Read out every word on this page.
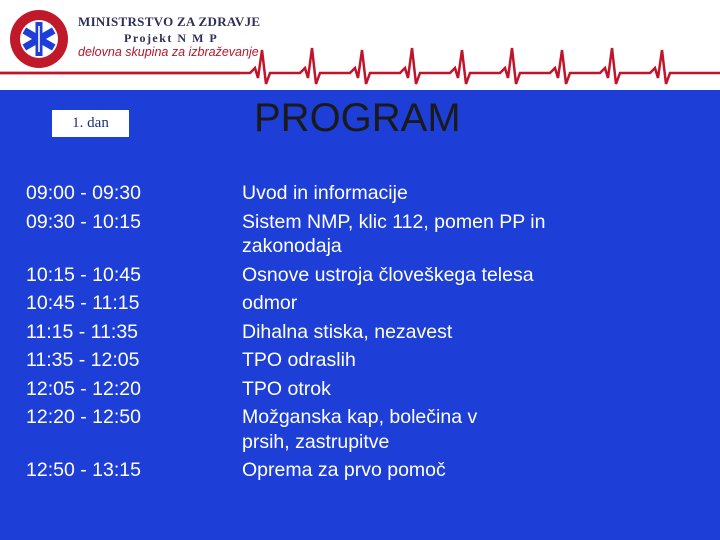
MINISTRSTVO ZA ZDRAVJE
Projekt N M P
delovna skupina za izbraževanje
1. dan	PROGRAM
09:00 - 09:30	Uvod in informacije
09:30 - 10:15	Sistem NMP, klic 112, pomen PP in
zakonodaja
10:15 - 10:45	Osnove ustroja človeškega telesa
10:45 - 11:15	odmor
11:15 - 11:35	Dihalna stiska, nezavest
11:35 - 12:05	TPO odraslih
12:05 - 12:20	TPO otrok
12:20 - 12:50	Možganska kap, bolečina v
prsih, zastrupitve
12:50 - 13:15	Oprema za prvo pomoč
